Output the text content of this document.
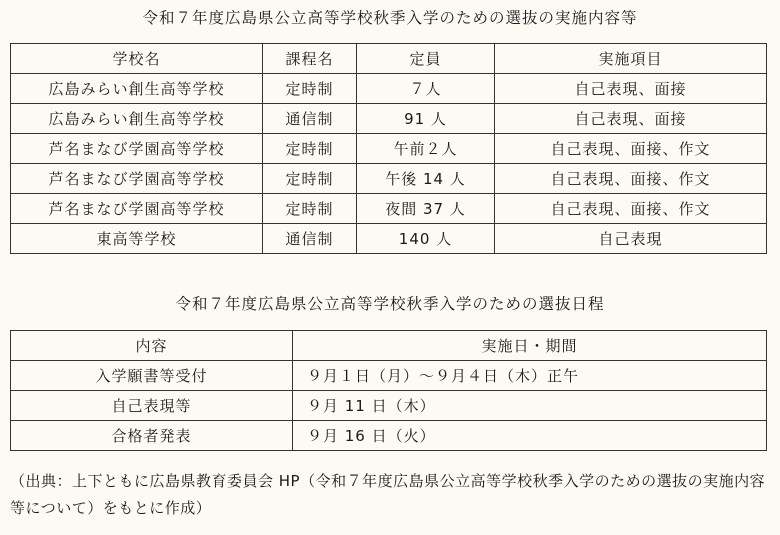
令和７年度広島県公立高等学校秋季入学のための選抜の実施内容等
学校名	課程名	定員	実施項目
広島みらい創生高等学校	定時制	７人	自己表現、面接
広島みらい創生高等学校	通信制	91 人	自己表現、面接
芦名まなび学園高等学校	定時制	午前２人	自己表現、面接、作文
芦名まなび学園高等学校	定時制	午後 14 人	自己表現、面接、作文
芦名まなび学園高等学校	定時制	夜間 37 人	自己表現、面接、作文
東高等学校	通信制	140 人	自己表現
令和７年度広島県公立高等学校秋季入学のための選抜日程
内容	実施日・期間
入学願書等受付	９月１日（月）～９月４日（木）正午
自己表現等	９月 11 日（木）
合格者発表	９月 16 日（火）
（出典：上下ともに広島県教育委員会 HP（令和７年度広島県公立高等学校秋季入学のための選抜の実施内容等について）をもとに作成）
